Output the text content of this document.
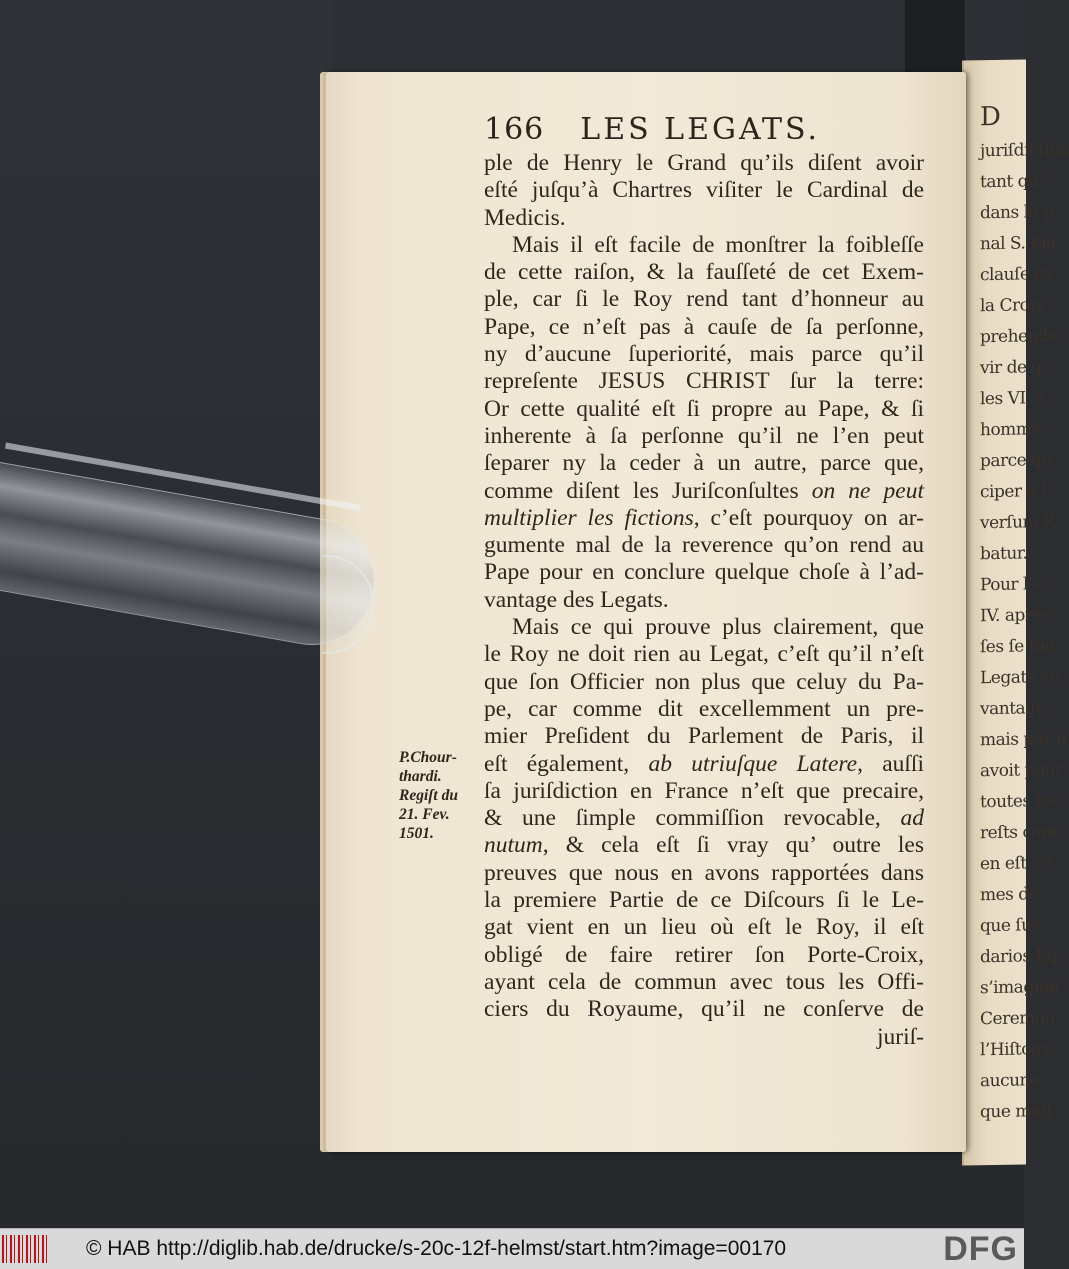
D
juriſdiction
tant qu’
dans la p
nal S. Pie
clauſe ex
la Croix
prehende
vir de q
les VI. a
homme
parce qu
ciper à l
verſum R
batur.
Pour l’e
IV. aprés
ſes ſe fon
Legats en
vantage,
mais par u
avoit pour
toutes les
reſts contr
en eſt co
mes de
que ſur
darios Eq
s’imagine
Ceremon
l’Hiſtoire
aucune
que man
166 LES LEGATS.
ple de Henry le Grand qu’ils diſent avoir
eſté juſqu’à Chartres viſiter le Cardinal de
Medicis.
Mais il eſt facile de monſtrer la foibleſſe
de cette raiſon, & la fauſſeté de cet Exem-
ple, car ſi le Roy rend tant d’honneur au
Pape, ce n’eſt pas à cauſe de ſa perſonne,
ny d’aucune ſuperiorité, mais parce qu’il
repreſente JESUS CHRIST ſur la terre:
Or cette qualité eſt ſi propre au Pape, & ſi
inherente à ſa perſonne qu’il ne l’en peut
ſeparer ny la ceder à un autre, parce que,
comme diſent les Juriſconſultes on ne peut
multiplier les fictions, c’eſt pourquoy on ar-
gumente mal de la reverence qu’on rend au
Pape pour en conclure quelque choſe à l’ad-
vantage des Legats.
Mais ce qui prouve plus clairement, que
le Roy ne doit rien au Legat, c’eſt qu’il n’eſt
que ſon Officier non plus que celuy du Pa-
pe, car comme dit excellemment un pre-
mier Preſident du Parlement de Paris, il
eſt également, ab utriuſque Latere, auſſi
ſa juriſdiction en France n’eſt que precaire,
& une ſimple commiſſion revocable, ad
nutum, & cela eſt ſi vray qu’ outre les
preuves que nous en avons rapportées dans
la premiere Partie de ce Diſcours ſi le Le-
gat vient en un lieu où eſt le Roy, il eſt
obligé de faire retirer ſon Porte-Croix,
ayant cela de commun avec tous les Offi-
ciers du Royaume, qu’il ne conſerve de
juriſ-
P.Chour-
thardi.
Regiſt du
21. Fev.
1501.
© HAB http://diglib.hab.de/drucke/s-20c-12f-helmst/start.htm?image=00170	DFG
